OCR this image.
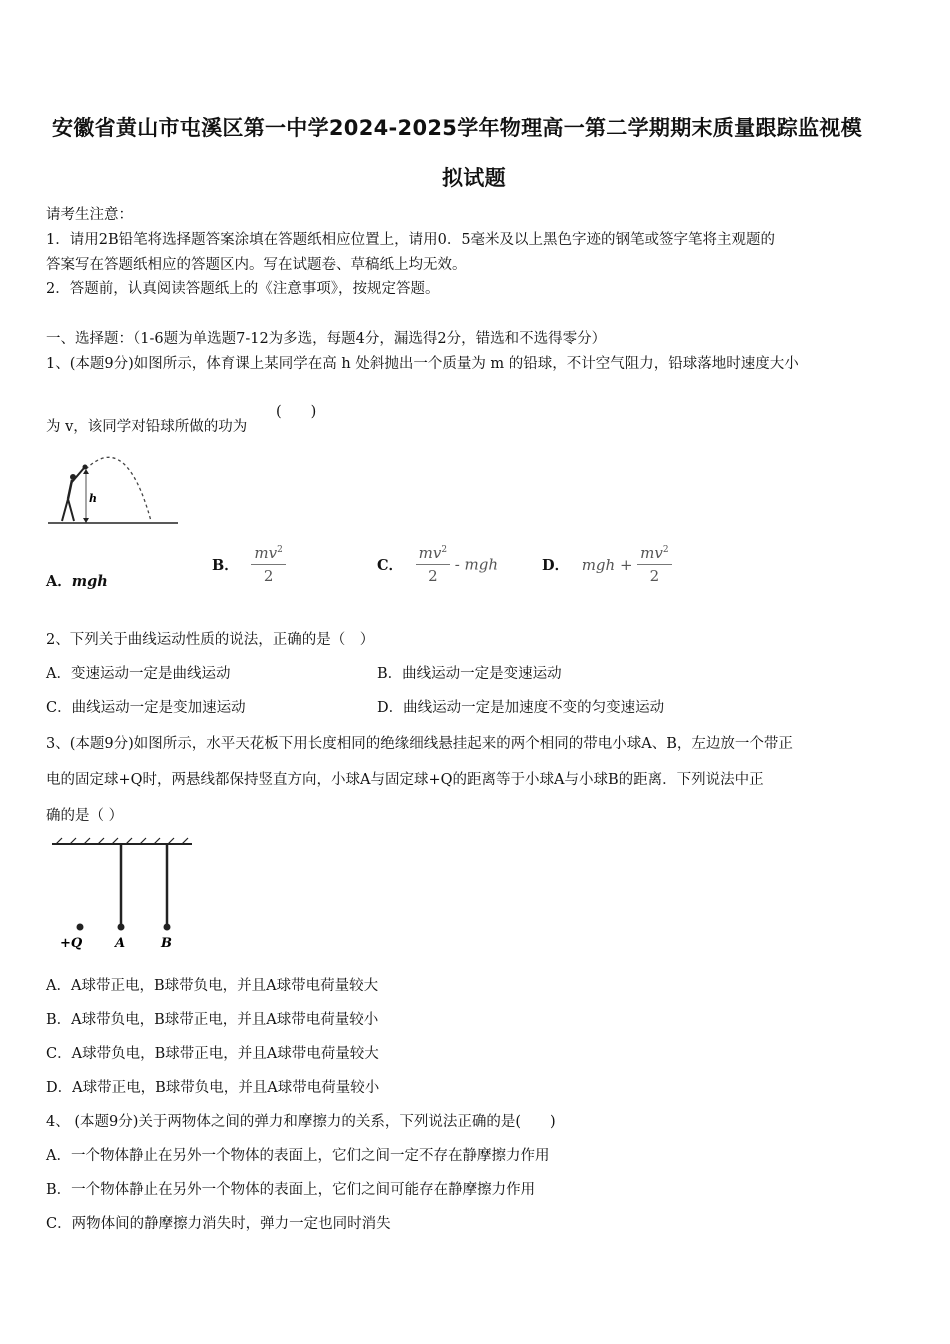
安徽省黄山市屯溪区第一中学2024-2025学年物理高一第二学期期末质量跟踪监视模
拟试题
请考生注意：
1．请用2B铅笔将选择题答案涂填在答题纸相应位置上，请用0．5毫米及以上黑色字迹的钢笔或签字笔将主观题的
答案写在答题纸相应的答题区内。写在试题卷、草稿纸上均无效。
2．答题前，认真阅读答题纸上的《注意事项》，按规定答题。
一、选择题：（1-6题为单选题7-12为多选，每题4分，漏选得2分，错选和不选得零分）
1、(本题9分)如图所示，体育课上某同学在高 h 处斜抛出一个质量为 m 的铅球，不计空气阻力，铅球落地时速度大小
为 v，该同学对铅球所做的功为
(　　)
h
A．mgh
B． $\frac{mv^2}{2}$	C． $\frac{mv^2}{2}$ - mgh	D． mgh + $\frac{mv^2}{2}$
2、下列关于曲线运动性质的说法，正确的是（　）
A．变速运动一定是曲线运动	B．曲线运动一定是变速运动
C．曲线运动一定是变加速运动	D．曲线运动一定是加速度不变的匀变速运动
3、(本题9分)如图所示，水平天花板下用长度相同的绝缘细线悬挂起来的两个相同的带电小球A、B，左边放一个带正
电的固定球+Q时，两悬线都保持竖直方向，小球A与固定球+Q的距离等于小球A与小球B的距离．下列说法中正
确的是（ ）
+Q	A	B
A．A球带正电，B球带负电，并且A球带电荷量较大
B．A球带负电，B球带正电，并且A球带电荷量较小
C．A球带负电，B球带正电，并且A球带电荷量较大
D．A球带正电，B球带负电，并且A球带电荷量较小
4、 (本题9分)关于两物体之间的弹力和摩擦力的关系，下列说法正确的是(　　)
A．一个物体静止在另外一个物体的表面上，它们之间一定不存在静摩擦力作用
B．一个物体静止在另外一个物体的表面上，它们之间可能存在静摩擦力作用
C．两物体间的静摩擦力消失时，弹力一定也同时消失
